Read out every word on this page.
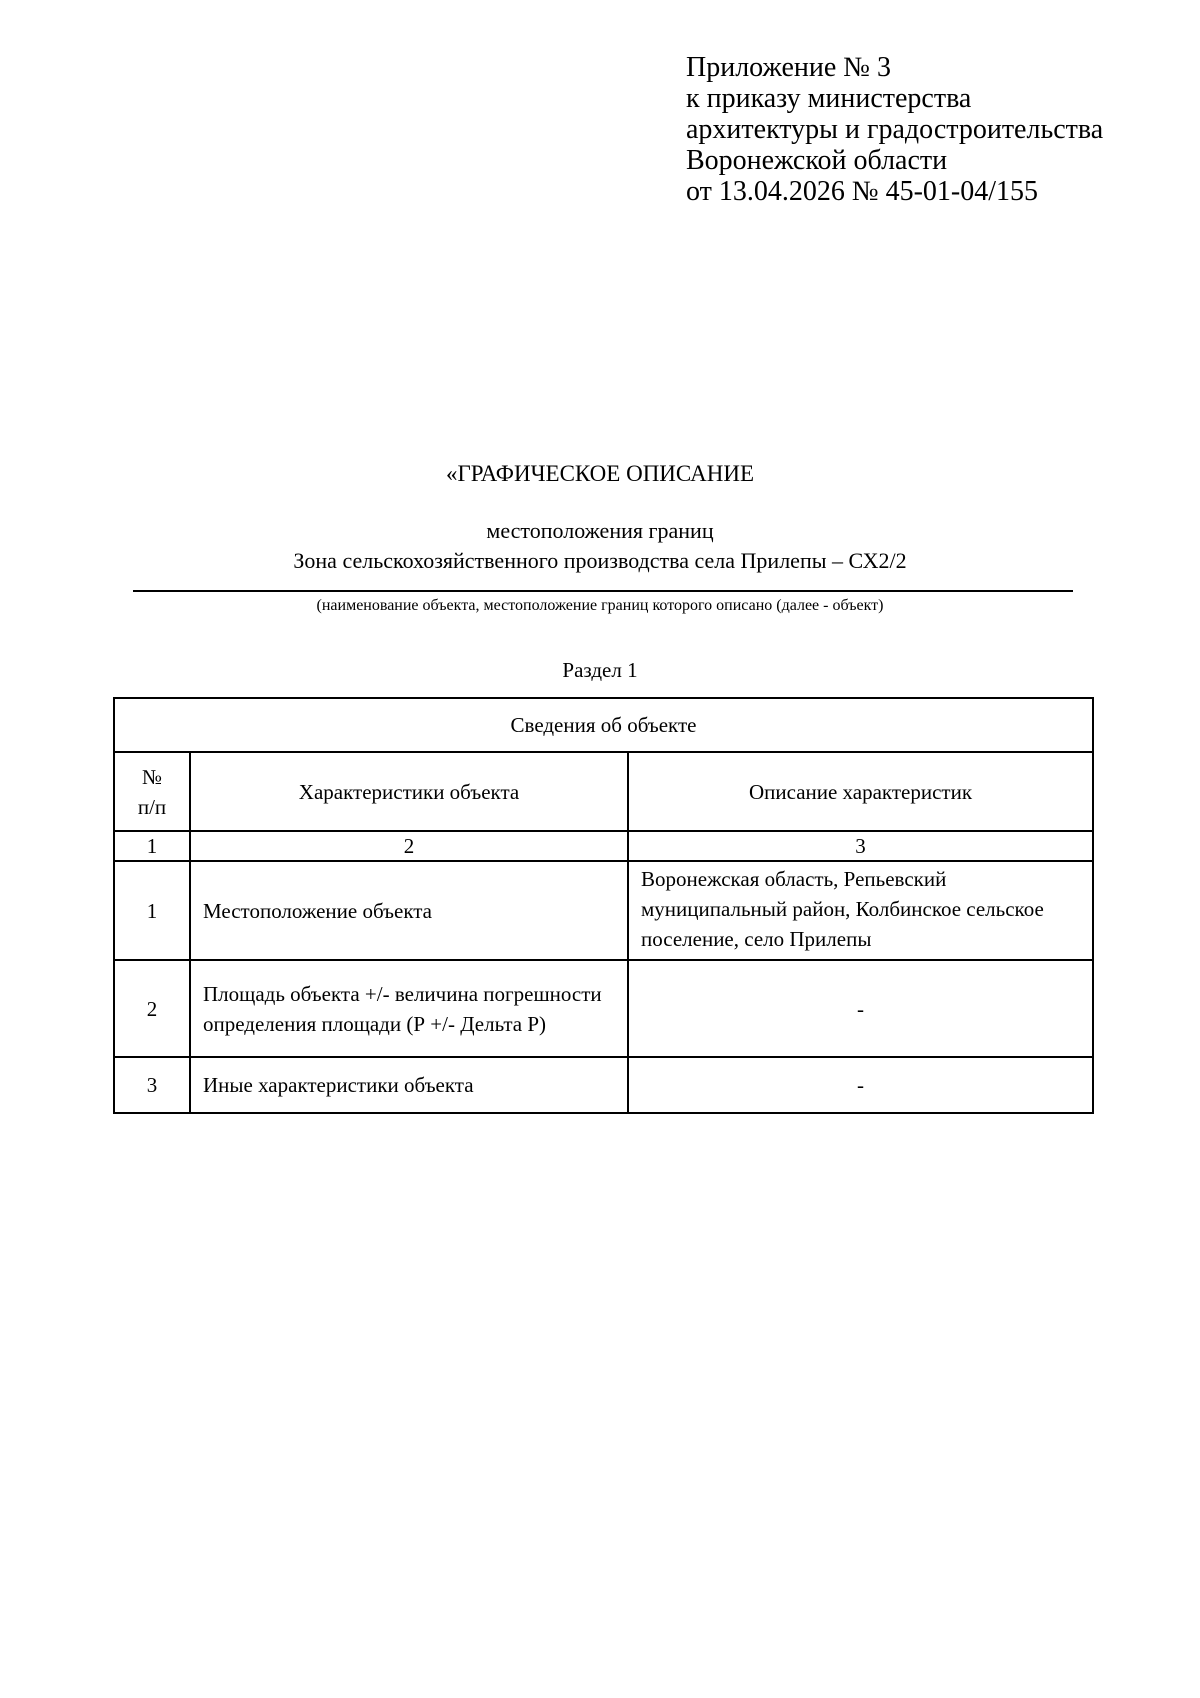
Приложение № 3
к приказу министерства
архитектуры и градостроительства
Воронежской области
от 13.04.2026 № 45-01-04/155
«ГРАФИЧЕСКОЕ ОПИСАНИЕ
местоположения границ
Зона сельскохозяйственного производства села Прилепы – СХ2/2
(наименование объекта, местоположение границ которого описано (далее - объект)
Раздел 1
Сведения об объекте		
№ п/п	Характеристики объекта	Описание характеристик
1	2	3
1	Местоположение объекта	Воронежская область, Репьевский муниципальный район, Колбинское сельское поселение, село Прилепы
2	Площадь объекта +/- величина погрешности определения площади (Р +/- Дельта Р)	-
3	Иные характеристики объекта	-
